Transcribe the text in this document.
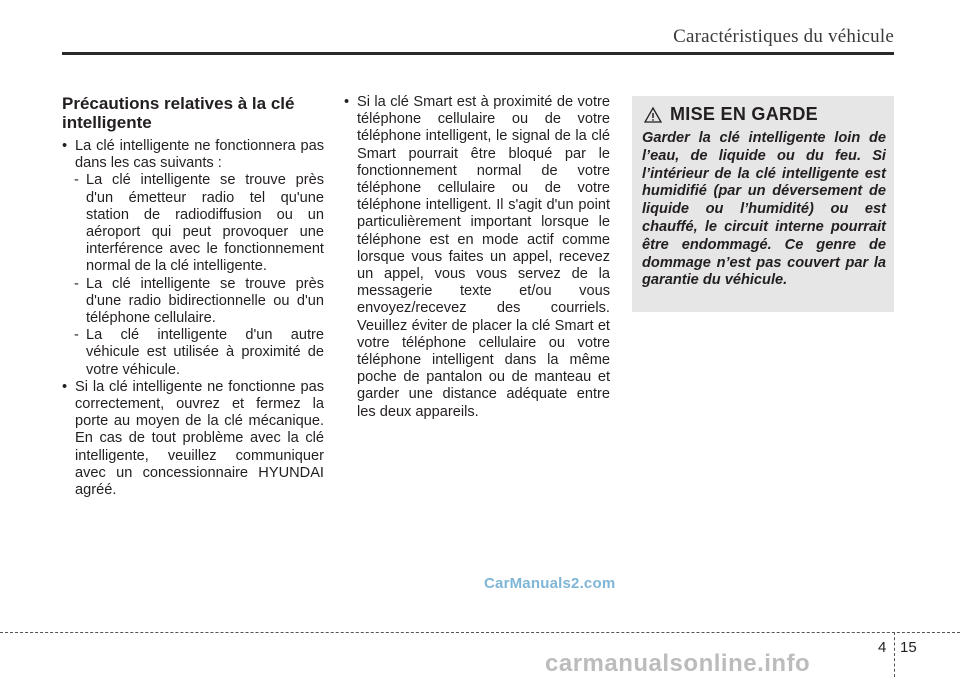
Caractéristiques du véhicule
Précautions relatives à la clé intelligente

• La clé intelligente ne fonctionnera pas dans les cas suivants :

- La clé intelligente se trouve près d'un émetteur radio tel qu'une station de radiodiffusion ou un aéroport qui peut provoquer une interférence avec le fonctionnement normal de la clé intelligente.

- La clé intelligente se trouve près d'une radio bidirectionnelle ou d'un téléphone cellulaire.

- La clé intelligente d'un autre véhicule est utilisée à proximité de votre véhicule.

• Si la clé intelligente ne fonctionne pas correctement, ouvrez et fermez la porte au moyen de la clé mécanique. En cas de tout problème avec la clé intelligente, veuillez communiquer avec un concessionnaire HYUNDAI agréé.

• Si la clé Smart est à proximité de votre téléphone cellulaire ou de votre téléphone intelligent, le signal de la clé Smart pourrait être bloqué par le fonctionnement normal de votre téléphone cellulaire ou de votre téléphone intelligent. Il s'agit d'un point particulièrement important lorsque le téléphone est en mode actif comme lorsque vous faites un appel, recevez un appel, vous vous servez de la messagerie texte et/ou vous envoyez/recevez des courriels. Veuillez éviter de placer la clé Smart et votre téléphone cellulaire ou votre téléphone intelligent dans la même poche de pantalon ou de manteau et garder une distance adéquate entre les deux appareils.

MISE EN GARDE
Garder la clé intelligente loin de l’eau, de liquide ou du feu. Si l’intérieur de la clé intelligente est humidifié (par un déversement de liquide ou l’humidité) ou est chauffé, le circuit interne pourrait être endommagé. Ce genre de dommage n’est pas couvert par la garantie du véhicule.
CarManuals2.com
4 15
carmanualsonline.info
